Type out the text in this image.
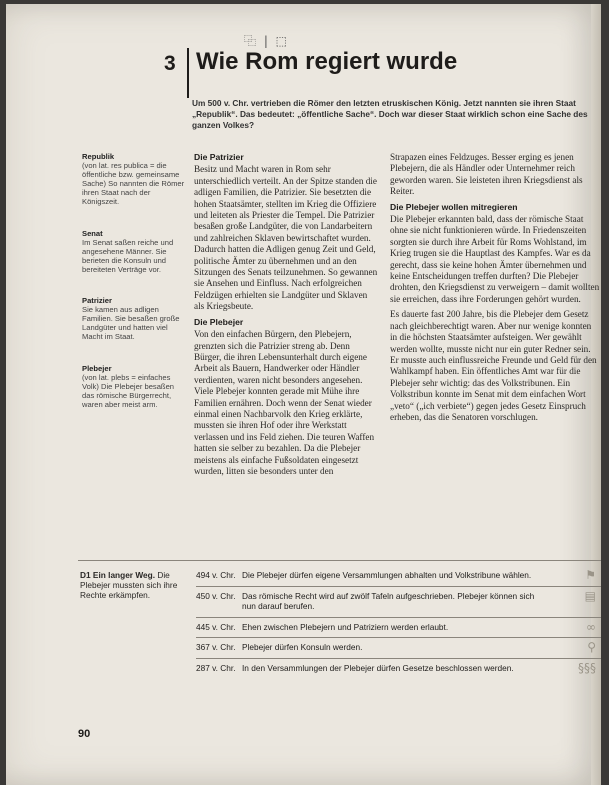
⿻ | ⬚
3 Wie Rom regiert wurde
Um 500 v. Chr. vertrieben die Römer den letzten etruskischen König. Jetzt nannten sie ihren Staat „Republik“. Das bedeutet: „öffentliche Sache“. Doch war dieser Staat wirklich schon eine Sache des ganzen Volkes?
Republik
(von lat. res publica = die öffentliche bzw. gemeinsame Sache) So nannten die Römer ihren Staat nach der Königszeit.
Senat
Im Senat saßen reiche und angesehene Männer. Sie berieten die Konsuln und bereiteten Verträge vor.
Patrizier
Sie kamen aus adligen Familien. Sie besaßen große Landgüter und hatten viel Macht im Staat.
Plebejer
(von lat. plebs = einfaches Volk) Die Plebejer besaßen das römische Bürgerrecht, waren aber meist arm.
Die Patrizier

Besitz und Macht waren in Rom sehr unterschiedlich verteilt. An der Spitze standen die adligen Familien, die Patrizier. Sie besetzten die hohen Staatsämter, stellten im Krieg die Offiziere und leiteten als Priester die Tempel. Die Patrizier besaßen große Landgüter, die von Landarbeitern und zahlreichen Sklaven bewirtschaftet wurden. Dadurch hatten die Adligen genug Zeit und Geld, politische Ämter zu übernehmen und an den Sitzungen des Senats teilzunehmen. So gewannen sie Ansehen und Einfluss. Nach erfolgreichen Feldzügen erhielten sie Landgüter und Sklaven als Kriegsbeute.

Die Plebejer

Von den einfachen Bürgern, den Plebejern, grenzten sich die Patrizier streng ab. Denn Bürger, die ihren Lebensunterhalt durch eigene Arbeit als Bauern, Handwerker oder Händler verdienten, waren nicht besonders angesehen. Viele Plebejer konnten gerade mit Mühe ihre Familien ernähren. Doch wenn der Senat wieder einmal einen Nachbarvolk den Krieg erklärte, mussten sie ihren Hof oder ihre Werkstatt verlassen und ins Feld ziehen. Die teuren Waffen hatten sie selber zu bezahlen. Da die Plebejer meistens als einfache Fußsoldaten eingesetzt wurden, litten sie besonders unter den

Strapazen eines Feldzuges. Besser erging es jenen Plebejern, die als Händler oder Unternehmer reich geworden waren. Sie leisteten ihren Kriegsdienst als Reiter.

Die Plebejer wollen mitregieren

Die Plebejer erkannten bald, dass der römische Staat ohne sie nicht funktionieren würde. In Friedenszeiten sorgten sie durch ihre Arbeit für Roms Wohlstand, im Krieg trugen sie die Hauptlast des Kampfes. War es da gerecht, dass sie keine hohen Ämter übernehmen und keine Entscheidungen treffen durften? Die Plebejer drohten, den Kriegsdienst zu verweigern – damit wollten sie erreichen, dass ihre Forderungen gehört wurden.

Es dauerte fast 200 Jahre, bis die Plebejer dem Gesetz nach gleichberechtigt waren. Aber nur wenige konnten in die höchsten Staatsämter aufsteigen. Wer gewählt werden wollte, musste nicht nur ein guter Redner sein. Er musste auch einflussreiche Freunde und Geld für den Wahlkampf haben. Ein öffentliches Amt war für die Plebejer sehr wichtig: das des Volkstribunen. Ein Volkstribun konnte im Senat mit dem einfachen Wort „veto“ („ich verbiete“) gegen jedes Gesetz Einspruch erheben, das die Senatoren vorschlugen.

D1 Ein langer Weg. Die Plebejer mussten sich ihre Rechte erkämpfen.
494 v. Chr. Die Plebejer dürfen eigene Versammlungen abhalten und Volkstribune wählen.	⚑
450 v. Chr. Das römische Recht wird auf zwölf Tafeln aufgeschrieben. Plebejer können sich nun darauf berufen.
▤
445 v. Chr. Ehen zwischen Plebejern und Patriziern werden erlaubt.	∞
367 v. Chr. Plebejer dürfen Konsuln werden.	⚲
287 v. Chr. In den Versammlungen der Plebejer dürfen Gesetze beschlossen werden.	§§§
90
